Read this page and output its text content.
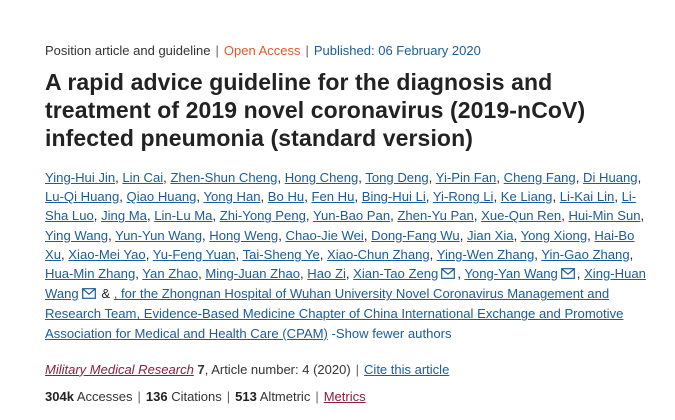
Position article and guideline | Open Access | Published: 06 February 2020
A rapid advice guideline for the diagnosis and treatment of 2019 novel coronavirus (2019-nCoV) infected pneumonia (standard version)
Ying-Hui Jin, Lin Cai, Zhen-Shun Cheng, Hong Cheng, Tong Deng, Yi-Pin Fan, Cheng Fang, Di Huang, Lu-Qi Huang, Qiao Huang, Yong Han, Bo Hu, Fen Hu, Bing-Hui Li, Yi-Rong Li, Ke Liang, Li-Kai Lin, Li-Sha Luo, Jing Ma, Lin-Lu Ma, Zhi-Yong Peng, Yun-Bao Pan, Zhen-Yu Pan, Xue-Qun Ren, Hui-Min Sun, Ying Wang, Yun-Yun Wang, Hong Weng, Chao-Jie Wei, Dong-Fang Wu, Jian Xia, Yong Xiong, Hai-Bo Xu, Xiao-Mei Yao, Yu-Feng Yuan, Tai-Sheng Ye, Xiao-Chun Zhang, Ying-Wen Zhang, Yin-Gao Zhang, Hua-Min Zhang, Yan Zhao, Ming-Juan Zhao, Hao Zi, Xian-Tao Zeng , Yong-Yan Wang , Xing-Huan Wang & , for the Zhongnan Hospital of Wuhan University Novel Coronavirus Management and Research Team, Evidence-Based Medicine Chapter of China International Exchange and Promotive Association for Medical and Health Care (CPAM) -Show fewer authors
Military Medical Research 7, Article number: 4 (2020) | Cite this article
304k Accesses | 136 Citations | 513 Altmetric | Metrics
